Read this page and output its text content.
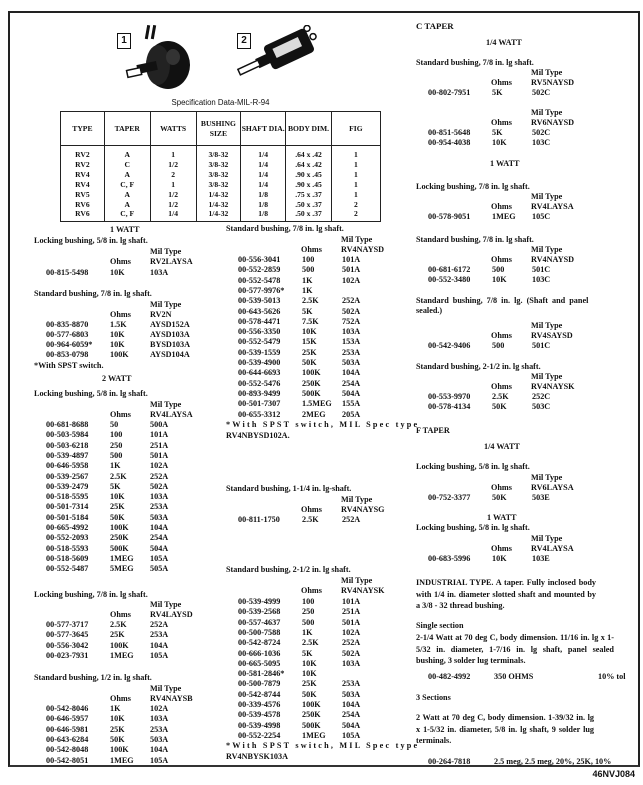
1	2
Specification Data-MIL-R-94
TYPE	TAPER	WATTS	BUSHING SIZE	SHAFT DIA.	BODY DIM.	FIG
RV2	A	1	3/8-32	1/4	.64 x .42	1
RV2	C	1/2	3/8-32	1/4	.64 x .42	1
RV4	A	2	3/8-32	1/4	.90 x .45	1
RV4	C, F	1	3/8-32	1/4	.90 x .45	1
RV5	A	1/2	1/4-32	1/8	.75 x .37	1
RV6	A	1/2	1/4-32	1/8	.50 x .37	2
RV6	C, F	1/4	1/4-32	1/8	.50 x .37	2
1 WATT
Locking bushing, 5/8 in. lg shaft.
Mil Type
Ohms RV2LAYSA
00-815-5498	10K	103A
Standard bushing, 7/8 in. lg shaft.
Mil Type
Ohms RV2N
00-835-8870	1.5K	AYSD152A
00-577-6803	10K	AYSD103A
00-964-6059* 10K	BYSD103A
00-853-0798	100K	AYSD104A
*With SPST switch.
2 WATT
Locking bushing, 5/8 in. lg shaft.
Mil Type
Ohms RV4LAYSA
00-681-8688	50	500A
00-503-5984	100	101A
00-503-6218	250	251A
00-539-4897	500	501A
00-646-5958	1K	102A
00-539-2567	2.5K	252A
00-539-2479	5K	502A
00-518-5595	10K	103A
00-501-7314	25K	253A
00-501-5184	50K	503A
00-665-4992	100K	104A
00-552-2093	250K	254A
00-518-5593	500K	504A
00-518-5609	1MEG 105A
00-552-5487	5MEG 505A
Locking bushing, 7/8 in. lg shaft.
Mil Type
Ohms RV4LAYSD
00-577-3717	2.5K	252A
00-577-3645	25K	253A
00-556-3042	100K	104A
00-023-7931	1MEG 105A
Standard bushing, 1/2 in. lg shaft.
Mil Type
Ohms RV4NAYSB
00-542-8046	1K	102A
00-646-5957	10K	103A
00-646-5981	25K	253A
00-643-6284	50K	503A
00-542-8048	100K	104A
00-542-8051	1MEG 105A
Standard bushing, 7/8 in. lg shaft.
Mil Type
Ohms RV4NAYSD
00-556-3041	100	101A
00-552-2859	500	501A
00-552-5478	1K	102A
00-577-9976* 1K
00-539-5013	2.5K	252A
00-643-5626	5K	502A
00-578-4471	7.5K	752A
00-556-3350	10K	103A
00-552-5479	15K	153A
00-539-1559	25K	253A
00-539-4900	50K	503A
00-644-6693	100K	104A
00-552-5476	250K	254A
00-893-9499	500K	504A
00-501-7307	1.5MEG 155A
00-655-3312	2MEG 205A
*With SPST switch, MIL Spec type
RV4NBYSD102A.
Standard bushing, 1-1/4 in. lg-shaft.
Mil Type
Ohms RV4NAYSG
00-811-1750	2.5K	252A
Standard bushing, 2-1/2 in. lg shaft.
Mil Type
Ohms RV4NAYSK
00-539-4999	100	101A
00-539-2568	250	251A
00-557-4637	500	501A
00-500-7588	1K	102A
00-542-8724	2.5K	252A
00-666-1036	5K	502A
00-665-5095	10K	103A
00-581-2846* 10K
00-500-7879	25K	253A
00-542-8744	50K	503A
00-339-4576	100K	104A
00-539-4578	250K	254A
00-539-4998	500K	504A
00-552-2254	1MEG 105A
*With SPST switch, MIL Spec type
RV4NBYSK103A
C TAPER
1/4 WATT
Standard bushing, 7/8 in. lg shaft.
Mil Type
Ohms RV5NAYSD
00-802-7951	5K	502C
Mil Type
Ohms RV6NAYSD
00-851-5648	5K	502C
00-954-4038	10K	103C
1 WATT
Locking bushing, 7/8 in. lg shaft.
Mil Type
Ohms RV4LAYSA
00-578-9051	1MEG 105C
Standard bushing, 7/8 in. lg shaft.
Mil Type
Ohms RV4NAYSD
00-681-6172	500	501C
00-552-3480	10K	103C
Standard bushing, 7/8 in. lg. (Shaft and panel
sealed.)
Mil Type
Ohms RV4SAYSD
00-542-9406	500	501C
Standard bushing, 2-1/2 in. lg shaft.
Mil Type
Ohms RV4NAYSK
00-553-9970	2.5K	252C
00-578-4134	50K	503C
F TAPER
1/4 WATT
Locking bushing, 5/8 in. lg shaft.
Mil Type
Ohms RV6LAYSA
00-752-3377	50K	503E
1 WATT
Locking bushing, 5/8 in. lg shaft.
Mil Type
Ohms RV4LAYSA
00-683-5996	10K	103E
INDUSTRIAL TYPE. A taper. Fully inclosed body with 1/4 in. diameter slotted shaft and mounted by a 3/8 - 32 thread bushing.
Single section
2-1/4 Watt at 70 deg C, body dimension. 11/16 in. lg x 1-5/32 in. diameter, 1-7/16 in. lg shaft, panel sealed bushing, 3 solder lug terminals.
00-482-4992	350 OHMS	10% tol
3 Sections
2 Watt at 70 deg C, body dimension. 1-39/32 in. lg x 1-5/32 in. diameter, 5/8 in. lg shaft, 9 solder lug terminals.
00-264-7818	2.5 meg, 2.5 meg, 20%, 25K, 10%
46NVJ084
